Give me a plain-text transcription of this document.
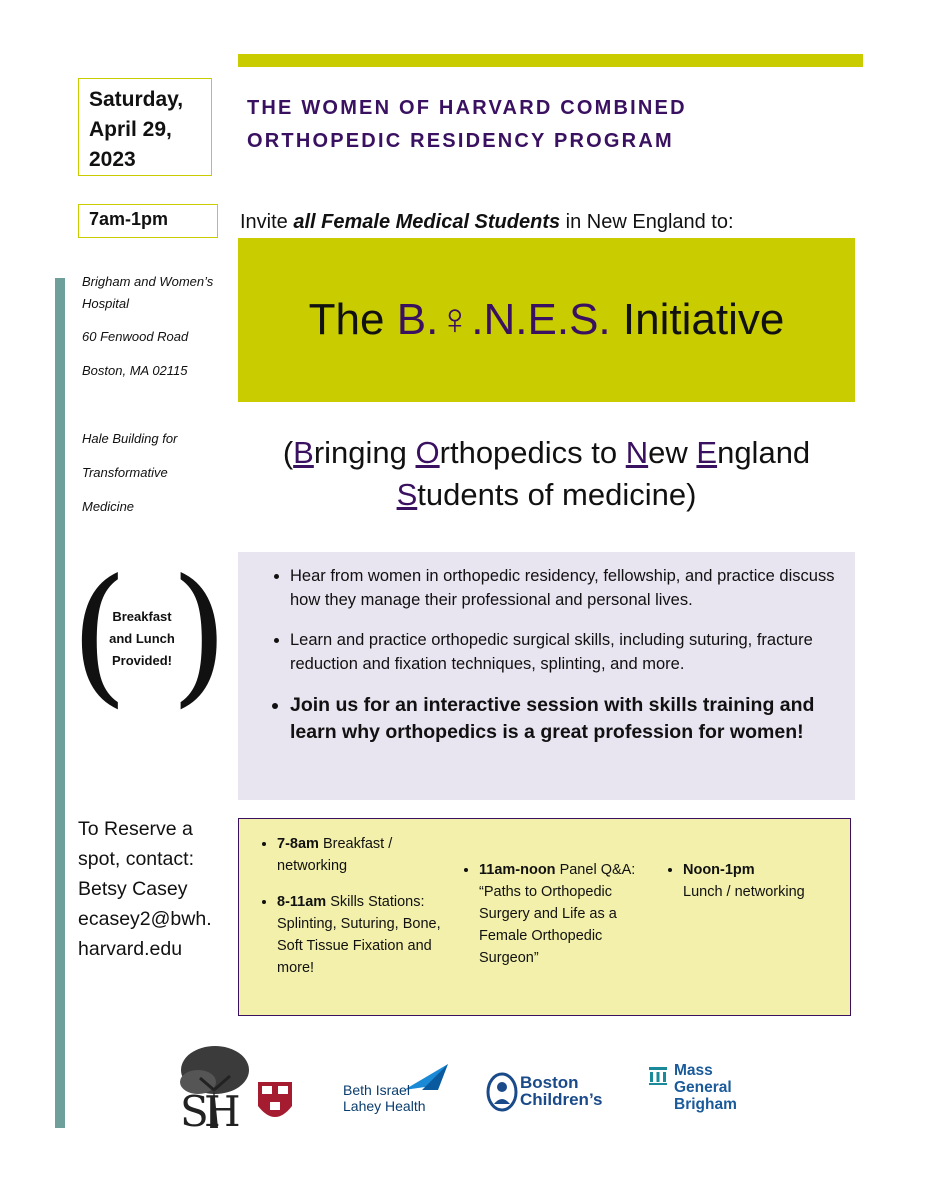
Saturday,
April 29,
2023
7am-1pm
THE WOMEN OF HARVARD COMBINED
ORTHOPEDIC RESIDENCY PROGRAM
Invite all Female Medical Students in New England to:
Brigham and Women’s
Hospital
60 Fenwood Road
Boston, MA 02115
Hale Building for
Transformative
Medicine
The B.♀.N.E.S. Initiative
(Bringing Orthopedics to New England
Students of medicine)
( )
Breakfast
and Lunch
Provided!
• Hear from women in orthopedic residency, fellowship, and practice discuss how they manage their professional and personal lives.
• Learn and practice orthopedic surgical skills, including suturing, fracture reduction and fixation techniques, splinting, and more.
• Join us for an interactive session with skills training and learn why orthopedics is a great profession for women!
To Reserve a
spot, contact:
Betsy Casey
ecasey2@bwh.
harvard.edu
• 7-8am Breakfast / networking
• 8-11am Skills Stations: Splinting, Suturing, Bone, Soft Tissue Fixation and more!
• 11am-noon Panel Q&A: “Paths to Orthopedic Surgery and Life as a Female Orthopedic Surgeon”
• Noon-1pm
Lunch / networking
S
H	Beth Israel
Lahey Health
Boston
Children’s
Mass
General
Brigham
